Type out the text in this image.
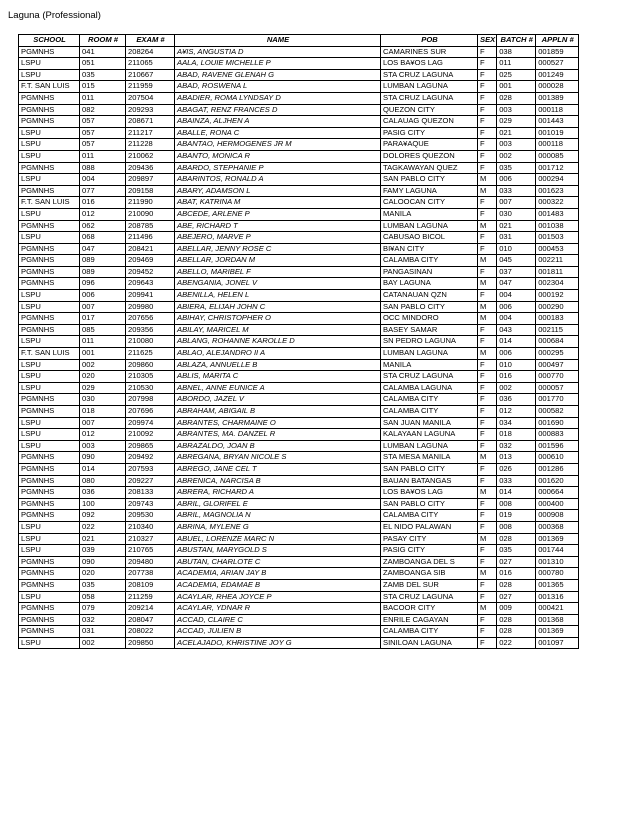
Laguna (Professional)
SCHOOL	ROOM #	EXAM #	NAME	POB	SEX	BATCH #	APPLN #
PGMNHS	041	208264	A¥IS, ANGUSTIA D	CAMARINES SUR	F	038	001859
LSPU	051	211065	AALA, LOUIE MICHELLE P	LOS BA¥OS LAG	F	011	000527
LSPU	035	210667	ABAD, RAVENE GLENAH G	STA CRUZ LAGUNA	F	025	001249
F.T. SAN LUIS	015	211959	ABAD, ROSWENA L	LUMBAN LAGUNA	F	001	000028
PGMNHS	011	207504	ABADIER, ROMA LYNDSAY D	STA CRUZ LAGUNA	F	028	001389
PGMNHS	082	209293	ABAGAT, RENZ FRANCES D	QUEZON CITY	F	003	000118
PGMNHS	057	208671	ABAINZA, ALJHEN A	CALAUAG QUEZON	F	029	001443
LSPU	057	211217	ABALLE, RONA C	PASIG CITY	F	021	001019
LSPU	057	211228	ABANTAO, HERMOGENES JR M	PARA¥AQUE	F	003	000118
LSPU	011	210062	ABANTO, MONICA R	DOLORES QUEZON	F	002	000085
PGMNHS	088	209436	ABARDO, STEPHANIE P	TAGKAWAYAN QUEZ	F	035	001712
LSPU	004	209897	ABARINTOS, RONALD A	SAN PABLO CITY	M	006	000294
PGMNHS	077	209158	ABARY, ADAMSON L	FAMY LAGUNA	M	033	001623
F.T. SAN LUIS	016	211990	ABAT, KATRINA M	CALOOCAN CITY	F	007	000322
LSPU	012	210090	ABCEDE, ARLENE P	MANILA	F	030	001483
PGMNHS	062	208785	ABE, RICHARD T	LUMBAN LAGUNA	M	021	001038
LSPU	068	211496	ABEJERO, MARVE P	CABUSAO BICOL	F	031	001503
PGMNHS	047	208421	ABELLAR, JENNY ROSE C	BI¥AN CITY	F	010	000453
PGMNHS	089	209469	ABELLAR, JORDAN M	CALAMBA CITY	M	045	002211
PGMNHS	089	209452	ABELLO, MARIBEL F	PANGASINAN	F	037	001811
PGMNHS	096	209643	ABENGANIA, JONEL V	BAY LAGUNA	M	047	002304
LSPU	006	209941	ABENILLA, HELEN L	CATANAUAN QZN	F	004	000192
LSPU	007	209980	ABIERA, ELIJAH JOHN C	SAN PABLO CITY	M	006	000290
PGMNHS	017	207656	ABIHAY, CHRISTOPHER O	OCC MINDORO	M	004	000183
PGMNHS	085	209356	ABILAY, MARICEL M	BASEY SAMAR	F	043	002115
LSPU	011	210080	ABLANG, ROHANNE KAROLLE D	SN PEDRO LAGUNA	F	014	000684
F.T. SAN LUIS	001	211625	ABLAO, ALEJANDRO II A	LUMBAN LAGUNA	M	006	000295
LSPU	002	209860	ABLAZA, ANNUELLE B	MANILA	F	010	000497
LSPU	020	210305	ABLIS, MARITA C	STA CRUZ LAGUNA	F	016	000770
LSPU	029	210530	ABNEL, ANNE EUNICE A	CALAMBA LAGUNA	F	002	000057
PGMNHS	030	207998	ABORDO, JAZEL V	CALAMBA CITY	F	036	001770
PGMNHS	018	207696	ABRAHAM, ABIGAIL B	CALAMBA CITY	F	012	000582
LSPU	007	209974	ABRANTES, CHARMAINE O	SAN JUAN MANILA	F	034	001690
LSPU	012	210092	ABRANTES, MA. DANZEL R	KALAYAAN LAGUNA	F	018	000883
LSPU	003	209865	ABRAZALDO, JOAN B	LUMBAN LAGUNA	F	032	001596
PGMNHS	090	209492	ABREGANA, BRYAN NICOLE S	STA MESA MANILA	M	013	000610
PGMNHS	014	207593	ABREGO, JANE CEL T	SAN PABLO CITY	F	026	001286
PGMNHS	080	209227	ABRENICA, NARCISA B	BAUAN BATANGAS	F	033	001620
PGMNHS	036	208133	ABRERA, RICHARD A	LOS BA¥OS LAG	M	014	000664
PGMNHS	100	209743	ABRIL, GLORIFEL E	SAN PABLO CITY	F	008	000400
PGMNHS	092	209530	ABRIL, MAGNOLIA N	CALAMBA CITY	F	019	000908
LSPU	022	210340	ABRINA, MYLENE G	EL NIDO PALAWAN	F	008	000368
LSPU	021	210327	ABUEL, LORENZE MARC N	PASAY CITY	M	028	001369
LSPU	039	210765	ABUSTAN, MARYGOLD S	PASIG CITY	F	035	001744
PGMNHS	090	209480	ABUTAN, CHARLOTE C	ZAMBOANGA DEL S	F	027	001310
PGMNHS	020	207738	ACADEMIA, ARIAN JAY B	ZAMBOANGA SIB	M	016	000780
PGMNHS	035	208109	ACADEMIA, EDAMAE B	ZAMB DEL SUR	F	028	001365
LSPU	058	211259	ACAYLAR, RHEA JOYCE P	STA CRUZ LAGUNA	F	027	001316
PGMNHS	079	209214	ACAYLAR, YDNAR R	BACOOR CITY	M	009	000421
PGMNHS	032	208047	ACCAD, CLAIRE C	ENRILE CAGAYAN	F	028	001368
PGMNHS	031	208022	ACCAD, JULIEN B	CALAMBA CITY	F	028	001369
LSPU	002	209850	ACELAJADO, KHRISTINE JOY G	SINILOAN LAGUNA	F	022	001097
